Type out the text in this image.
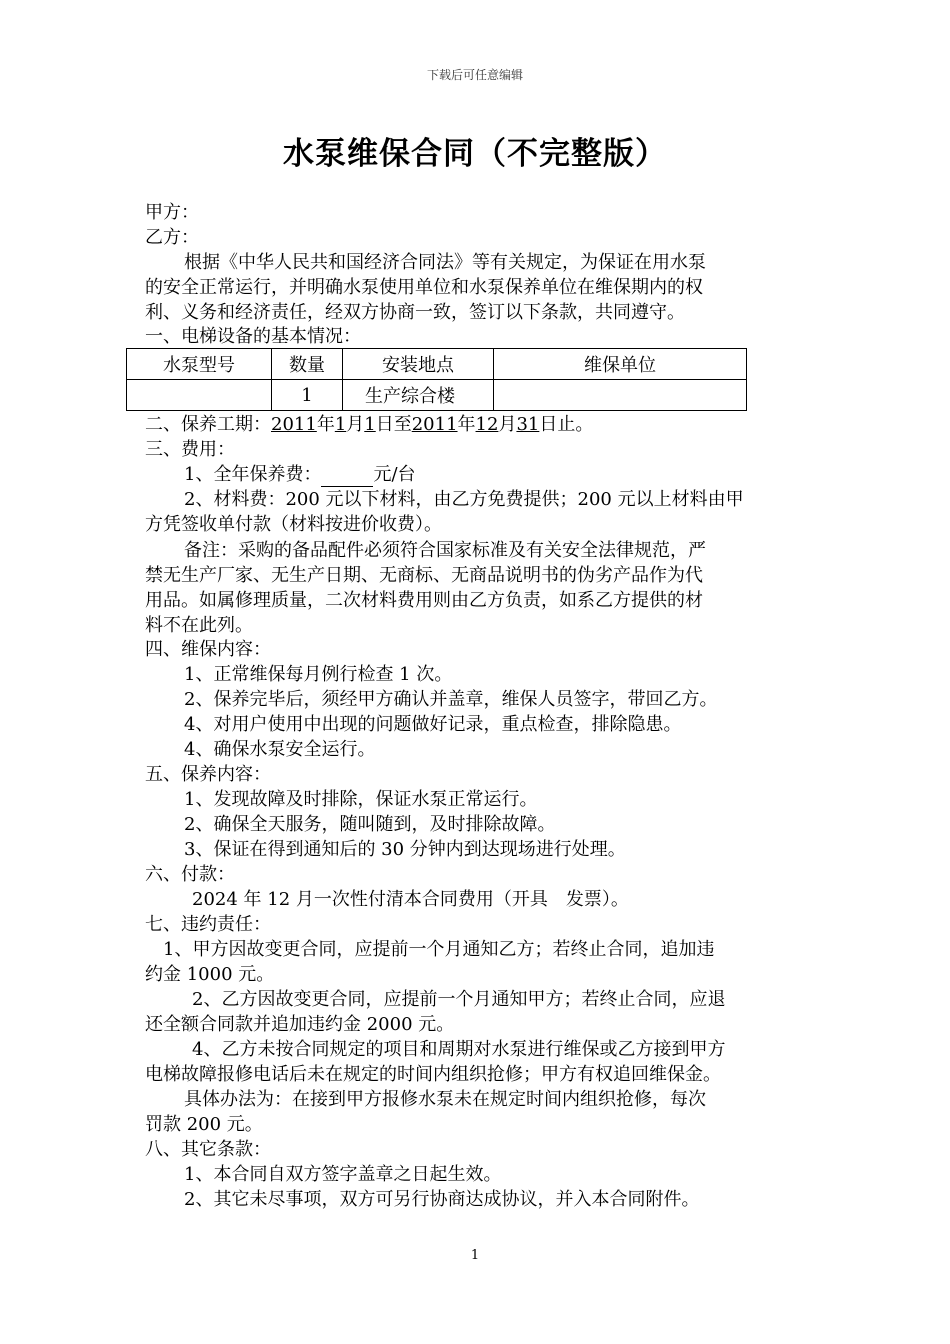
下载后可任意编辑
水泵维保合同（不完整版）
甲方：
乙方：
根据《中华人民共和国经济合同法》等有关规定，为保证在用水泵
的安全正常运行，并明确水泵使用单位和水泵保养单位在维保期内的权
利、义务和经济责任，经双方协商一致，签订以下条款，共同遵守。
一、电梯设备的基本情况：
水泵型号	数量	安装地点	维保单位
	1	生产综合楼	
二、保养工期：2011年1月1日至2011年12月31日止。
三、费用：
1、全年保养费：	元/台
2、材料费：200 元以下材料，由乙方免费提供；200 元以上材料由甲
方凭签收单付款（材料按进价收费）。
备注：采购的备品配件必须符合国家标准及有关安全法律规范，严
禁无生产厂家、无生产日期、无商标、无商品说明书的伪劣产品作为代
用品。如属修理质量，二次材料费用则由乙方负责，如系乙方提供的材
料不在此列。
四、维保内容：
1、正常维保每月例行检查 1 次。
2、保养完毕后，须经甲方确认并盖章，维保人员签字，带回乙方。
4、对用户使用中出现的问题做好记录，重点检查，排除隐患。
4、确保水泵安全运行。
五、保养内容：
1、发现故障及时排除，保证水泵正常运行。
2、确保全天服务，随叫随到，及时排除故障。
3、保证在得到通知后的 30 分钟内到达现场进行处理。
六、付款：
2024 年 12 月一次性付清本合同费用（开具　发票）。
七、违约责任：
1、甲方因故变更合同，应提前一个月通知乙方；若终止合同，追加违
约金 1000 元。
2、乙方因故变更合同，应提前一个月通知甲方；若终止合同，应退
还全额合同款并追加违约金 2000 元。
4、乙方未按合同规定的项目和周期对水泵进行维保或乙方接到甲方
电梯故障报修电话后未在规定的时间内组织抢修；甲方有权追回维保金。
具体办法为：在接到甲方报修水泵未在规定时间内组织抢修，每次
罚款 200 元。
八、其它条款：
1、本合同自双方签字盖章之日起生效。
2、其它未尽事项，双方可另行协商达成协议，并入本合同附件。
1
